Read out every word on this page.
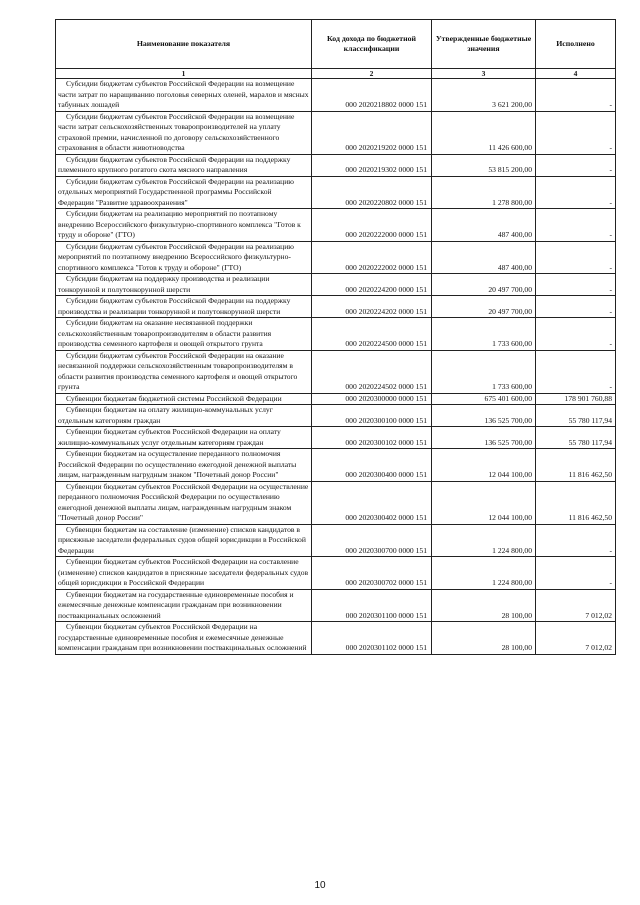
Наименование показателя	Код дохода по бюджетной классификации	Утвержденные бюджетные значения	Исполнено
1	2	3	4
Субсидии бюджетам субъектов Российской Федерации на возмещение части затрат по наращиванию поголовья северных оленей, маралов и мясных табунных лошадей	000 2020218802 0000 151	3 621 200,00	-
Субсидии бюджетам субъектов Российской Федерации на возмещение части затрат сельскохозяйственных товаропроизводителей на уплату страховой премии, начисленной по договору сельскохозяйственного страхования в области животноводства	000 2020219202 0000 151	11 426 600,00	-
Субсидии бюджетам субъектов Российской Федерации на поддержку племенного крупного рогатого скота мясного направления	000 2020219302 0000 151	53 815 200,00	-
Субсидии бюджетам субъектов Российской Федерации на реализацию отдельных мероприятий Государственной программы Российской Федерации "Развитие здравоохранения"	000 2020220802 0000 151	1 278 800,00	-
Субсидии бюджетам на реализацию мероприятий по поэтапному внедрению Всероссийского физкультурно-спортивного комплекса "Готов к труду и обороне" (ГТО)	000 2020222000 0000 151	487 400,00	-
Субсидии бюджетам субъектов Российской Федерации на реализацию мероприятий по поэтапному внедрению Всероссийского физкультурно-спортивного комплекса "Готов к труду и обороне" (ГТО)	000 2020222002 0000 151	487 400,00	-
Субсидии бюджетам на поддержку производства и реализации тонкорунной и полутонкорунной шерсти	000 2020224200 0000 151	20 497 700,00	-
Субсидии бюджетам субъектов Российской Федерации на поддержку производства и реализации тонкорунной и полутонкорунной шерсти	000 2020224202 0000 151	20 497 700,00	-
Субсидии бюджетам на оказание несвязанной поддержки сельскохозяйственным товаропроизводителям в области развития производства семенного картофеля и овощей открытого грунта	000 2020224500 0000 151	1 733 600,00	-
Субсидии бюджетам субъектов Российской Федерации на оказание несвязанной поддержки сельскохозяйственным товаропроизводителям в области развития производства семенного картофеля и овощей открытого грунта	000 2020224502 0000 151	1 733 600,00	-
Субвенции бюджетам бюджетной системы Российской Федерации	000 2020300000 0000 151	675 401 600,00	178 901 760,88
Субвенции бюджетам на оплату жилищно-коммунальных услуг отдельным категориям граждан	000 2020300100 0000 151	136 525 700,00	55 780 117,94
Субвенции бюджетам субъектов Российской Федерации на оплату жилищно-коммунальных услуг отдельным категориям граждан	000 2020300102 0000 151	136 525 700,00	55 780 117,94
Субвенции бюджетам на осуществление переданного полномочия Российской Федерации по осуществлению ежегодной денежной выплаты лицам, награжденным нагрудным знаком "Почетный донор России"	000 2020300400 0000 151	12 044 100,00	11 816 462,50
Субвенции бюджетам субъектов Российской Федерации на осуществление переданного полномочия Российской Федерации по осуществлению ежегодной денежной выплаты лицам, награжденным нагрудным знаком "Почетный донор России"	000 2020300402 0000 151	12 044 100,00	11 816 462,50
Субвенции бюджетам на составление (изменение) списков кандидатов в присяжные заседатели федеральных судов общей юрисдикции в Российской Федерации	000 2020300700 0000 151	1 224 800,00	-
Субвенции бюджетам субъектов Российской Федерации на составление (изменение) списков кандидатов в присяжные заседатели федеральных судов общей юрисдикции в Российской Федерации	000 2020300702 0000 151	1 224 800,00	-
Субвенции бюджетам на государственные единовременные пособия и ежемесячные денежные компенсации гражданам при возникновении поствакцинальных осложнений	000 2020301100 0000 151	28 100,00	7 012,02
Субвенции бюджетам субъектов Российской Федерации на государственные единовременные пособия и ежемесячные денежные компенсации гражданам при возникновении поствакцинальных осложнений	000 2020301102 0000 151	28 100,00	7 012,02
10
